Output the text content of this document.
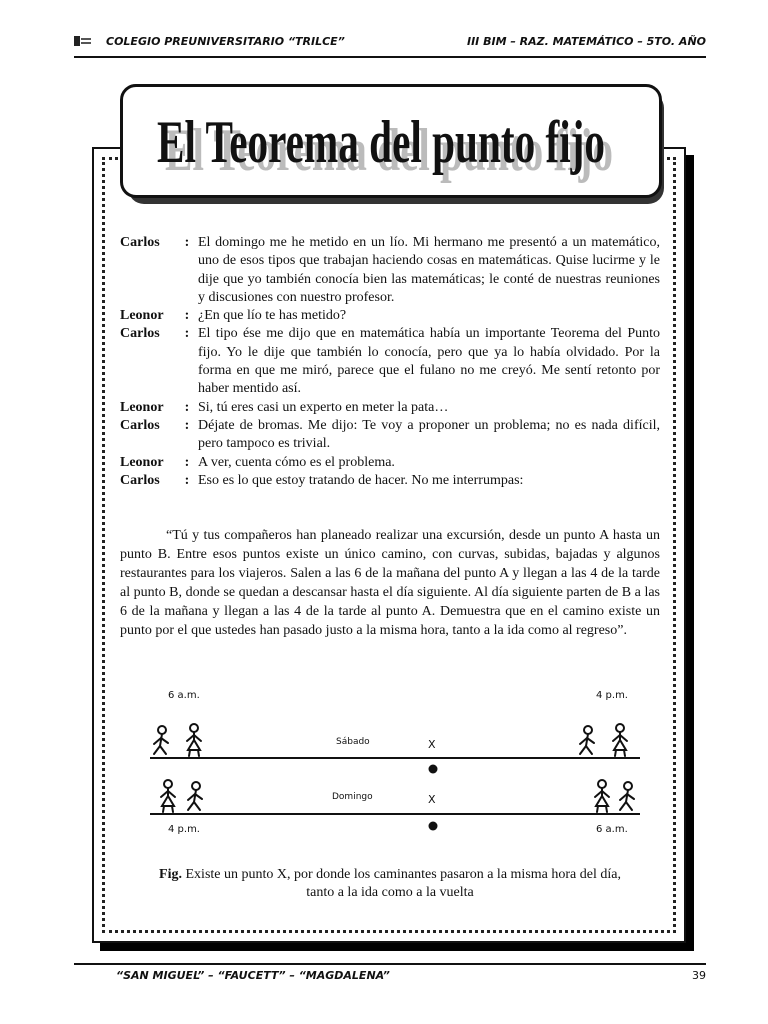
COLEGIO PREUNIVERSITARIO “TRILCE”	III BIM – RAZ. MATEMÁTICO – 5TO. AÑO
El Teorema del punto fijo
El Teorema del punto fijo
Carlos	: El domingo me he metido en un lío. Mi hermano me presentó a un matemático, uno de esos tipos que trabajan haciendo cosas en matemáticas. Quise lucirme y le dije que yo también conocía bien las matemáticas; le conté de nuestras reuniones y discusiones con nuestro profesor.
Leonor	: ¿En que lío te has metido?
Carlos	: El tipo ése me dijo que en matemática había un importante Teorema del Punto fijo. Yo le dije que también lo conocía, pero que ya lo había olvidado. Por la forma en que me miró, parece que el fulano no me creyó. Me sentí retonto por haber mentido así.
Leonor	: Si, tú eres casi un experto en meter la pata…
Carlos	: Déjate de bromas. Me dijo: Te voy a proponer un problema; no es nada difícil, pero tampoco es trivial.
Leonor	: A ver, cuenta cómo es el problema.
Carlos	: Eso es lo que estoy tratando de hacer. No me interrumpas:
“Tú y tus compañeros han planeado realizar una excursión, desde un punto A hasta un punto B. Entre esos puntos existe un único camino, con curvas, subidas, bajadas y algunos restaurantes para los viajeros. Salen a las 6 de la mañana del punto A y llegan a las 4 de la tarde al punto B, donde se quedan a descansar hasta el día siguiente. Al día siguiente parten de B a las 6 de la mañana y llegan a las 4 de la tarde al punto A. Demuestra que en el camino existe un punto por el que ustedes han pasado justo a la misma hora, tanto a la ida como al regreso”.
6 a.m.	4 p.m.
Sábado	X
Domingo	X
4 p.m.	6 a.m.
Fig. Existe un punto X, por donde los caminantes pasaron a la misma hora del día,
tanto a la ida como a la vuelta
“SAN MIGUEL” – “FAUCETT” – “MAGDALENA”	39
